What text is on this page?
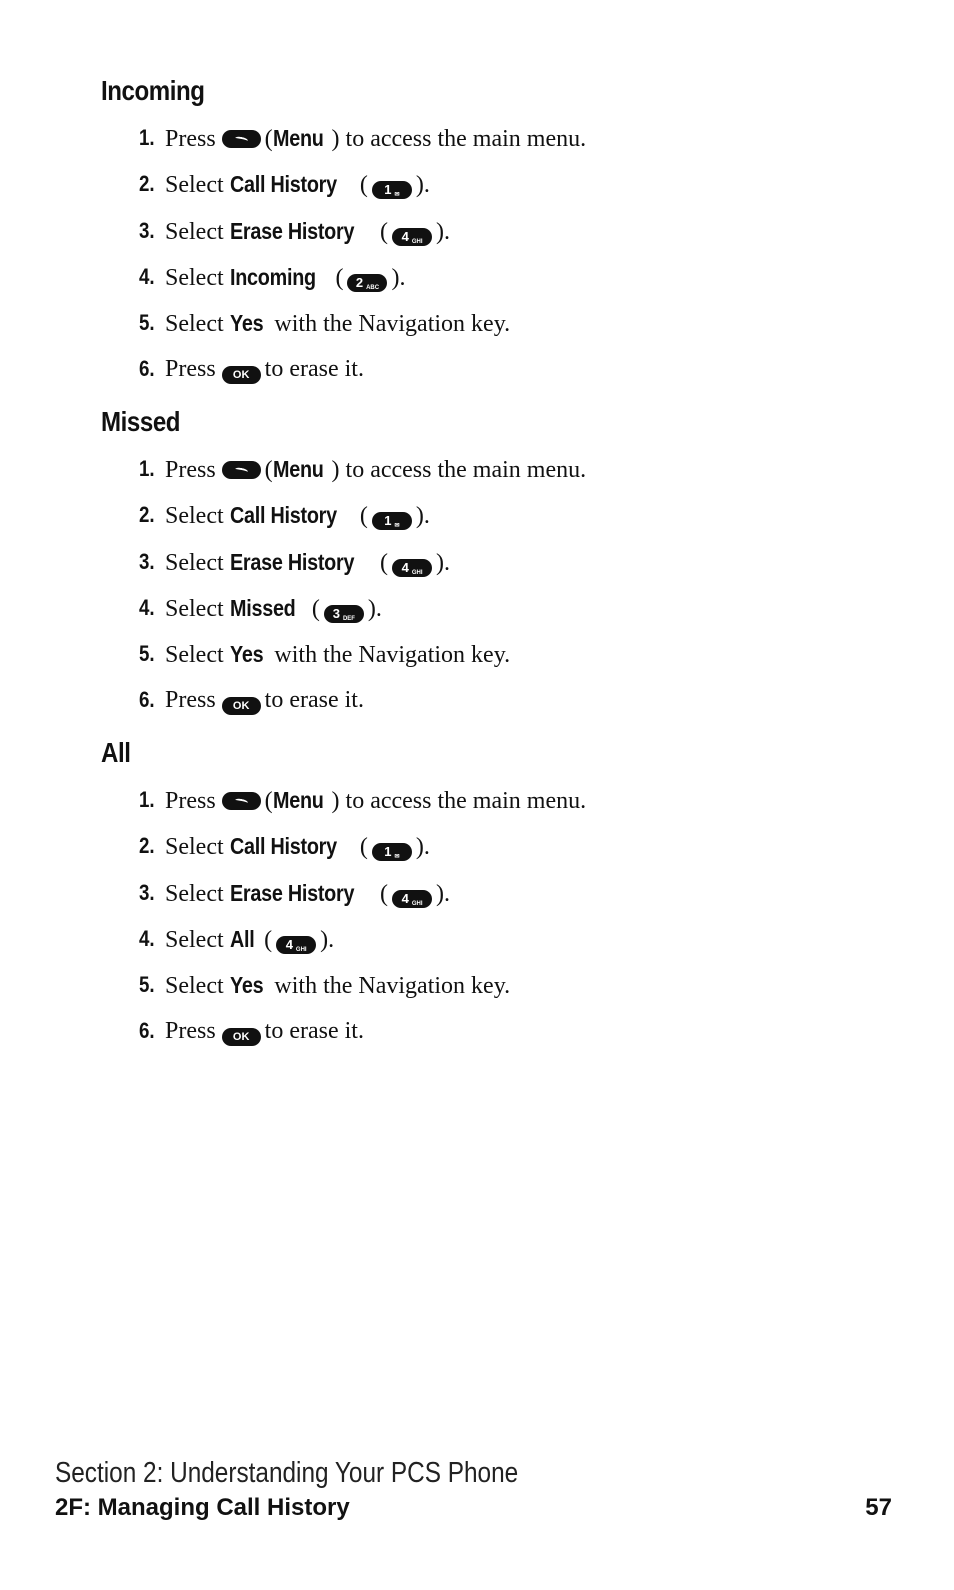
Incoming
1. Press (Menu ) to access the main menu.
2. Select Call History ( 1 $_✉$ ).
3. Select Erase History ( 4 $_{GHI}$ ).
4. Select Incoming ( 2 $_{ABC}$ ).
5. Select Yes with the Navigation key.
6. Press OK to erase it.
Missed
1. Press (Menu ) to access the main menu.
2. Select Call History ( 1 $_✉$ ).
3. Select Erase History ( 4 $_{GHI}$ ).
4. Select Missed ( 3 $_{DEF}$ ).
5. Select Yes with the Navigation key.
6. Press OK to erase it.
All
1. Press (Menu ) to access the main menu.
2. Select Call History ( 1 $_✉$ ).
3. Select Erase History ( 4 $_{GHI}$ ).
4. Select All ( 4 $_{GHI}$ ).
5. Select Yes with the Navigation key.
6. Press OK to erase it.
Section 2: Understanding Your PCS Phone
2F: Managing Call History	57
